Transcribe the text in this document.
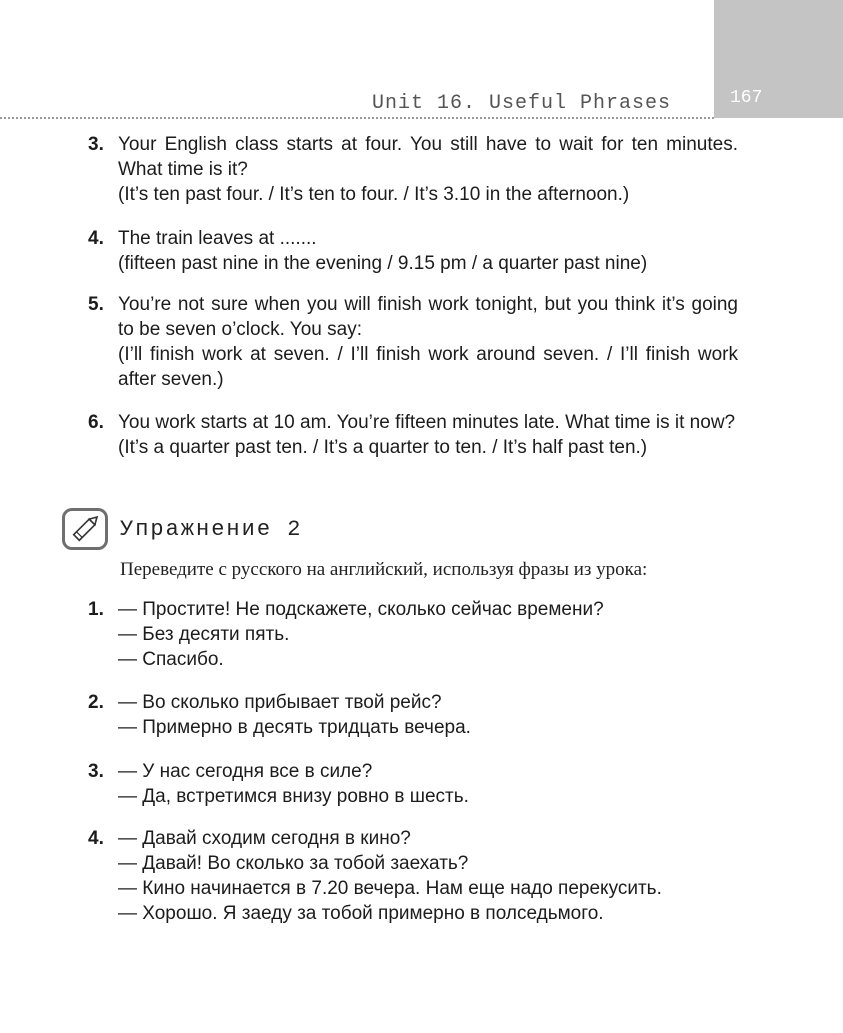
167
Unit 16. Useful Phrases
3. Your English class starts at four. You still have to wait for ten minutes. What time is it?

(It’s ten past four. / It’s ten to four. / It’s 3.10 in the afternoon.)

4. The train leaves at .......

(fifteen past nine in the evening / 9.15 pm / a quarter past nine)

5. You’re not sure when you will finish work tonight, but you think it’s going to be seven o’clock. You say:

(I’ll finish work at seven. / I’ll finish work around seven. / I’ll finish work after seven.)

6. You work starts at 10 am. You’re fifteen minutes late. What time is it now?

(It’s a quarter past ten. / It’s a quarter to ten. / It’s half past ten.)

Упражнение 2
Переведите с русского на английский, используя фразы из урока:
1. — Простите! Не подскажете, сколько сейчас времени?

— Без десяти пять.

— Спасибо.

2. — Во сколько прибывает твой рейс?

— Примерно в десять тридцать вечера.

3. — У нас сегодня все в силе?

— Да, встретимся внизу ровно в шесть.

4. — Давай сходим сегодня в кино?

— Давай! Во сколько за тобой заехать?

— Кино начинается в 7.20 вечера. Нам еще надо перекусить.

— Хорошо. Я заеду за тобой примерно в полседьмого.
